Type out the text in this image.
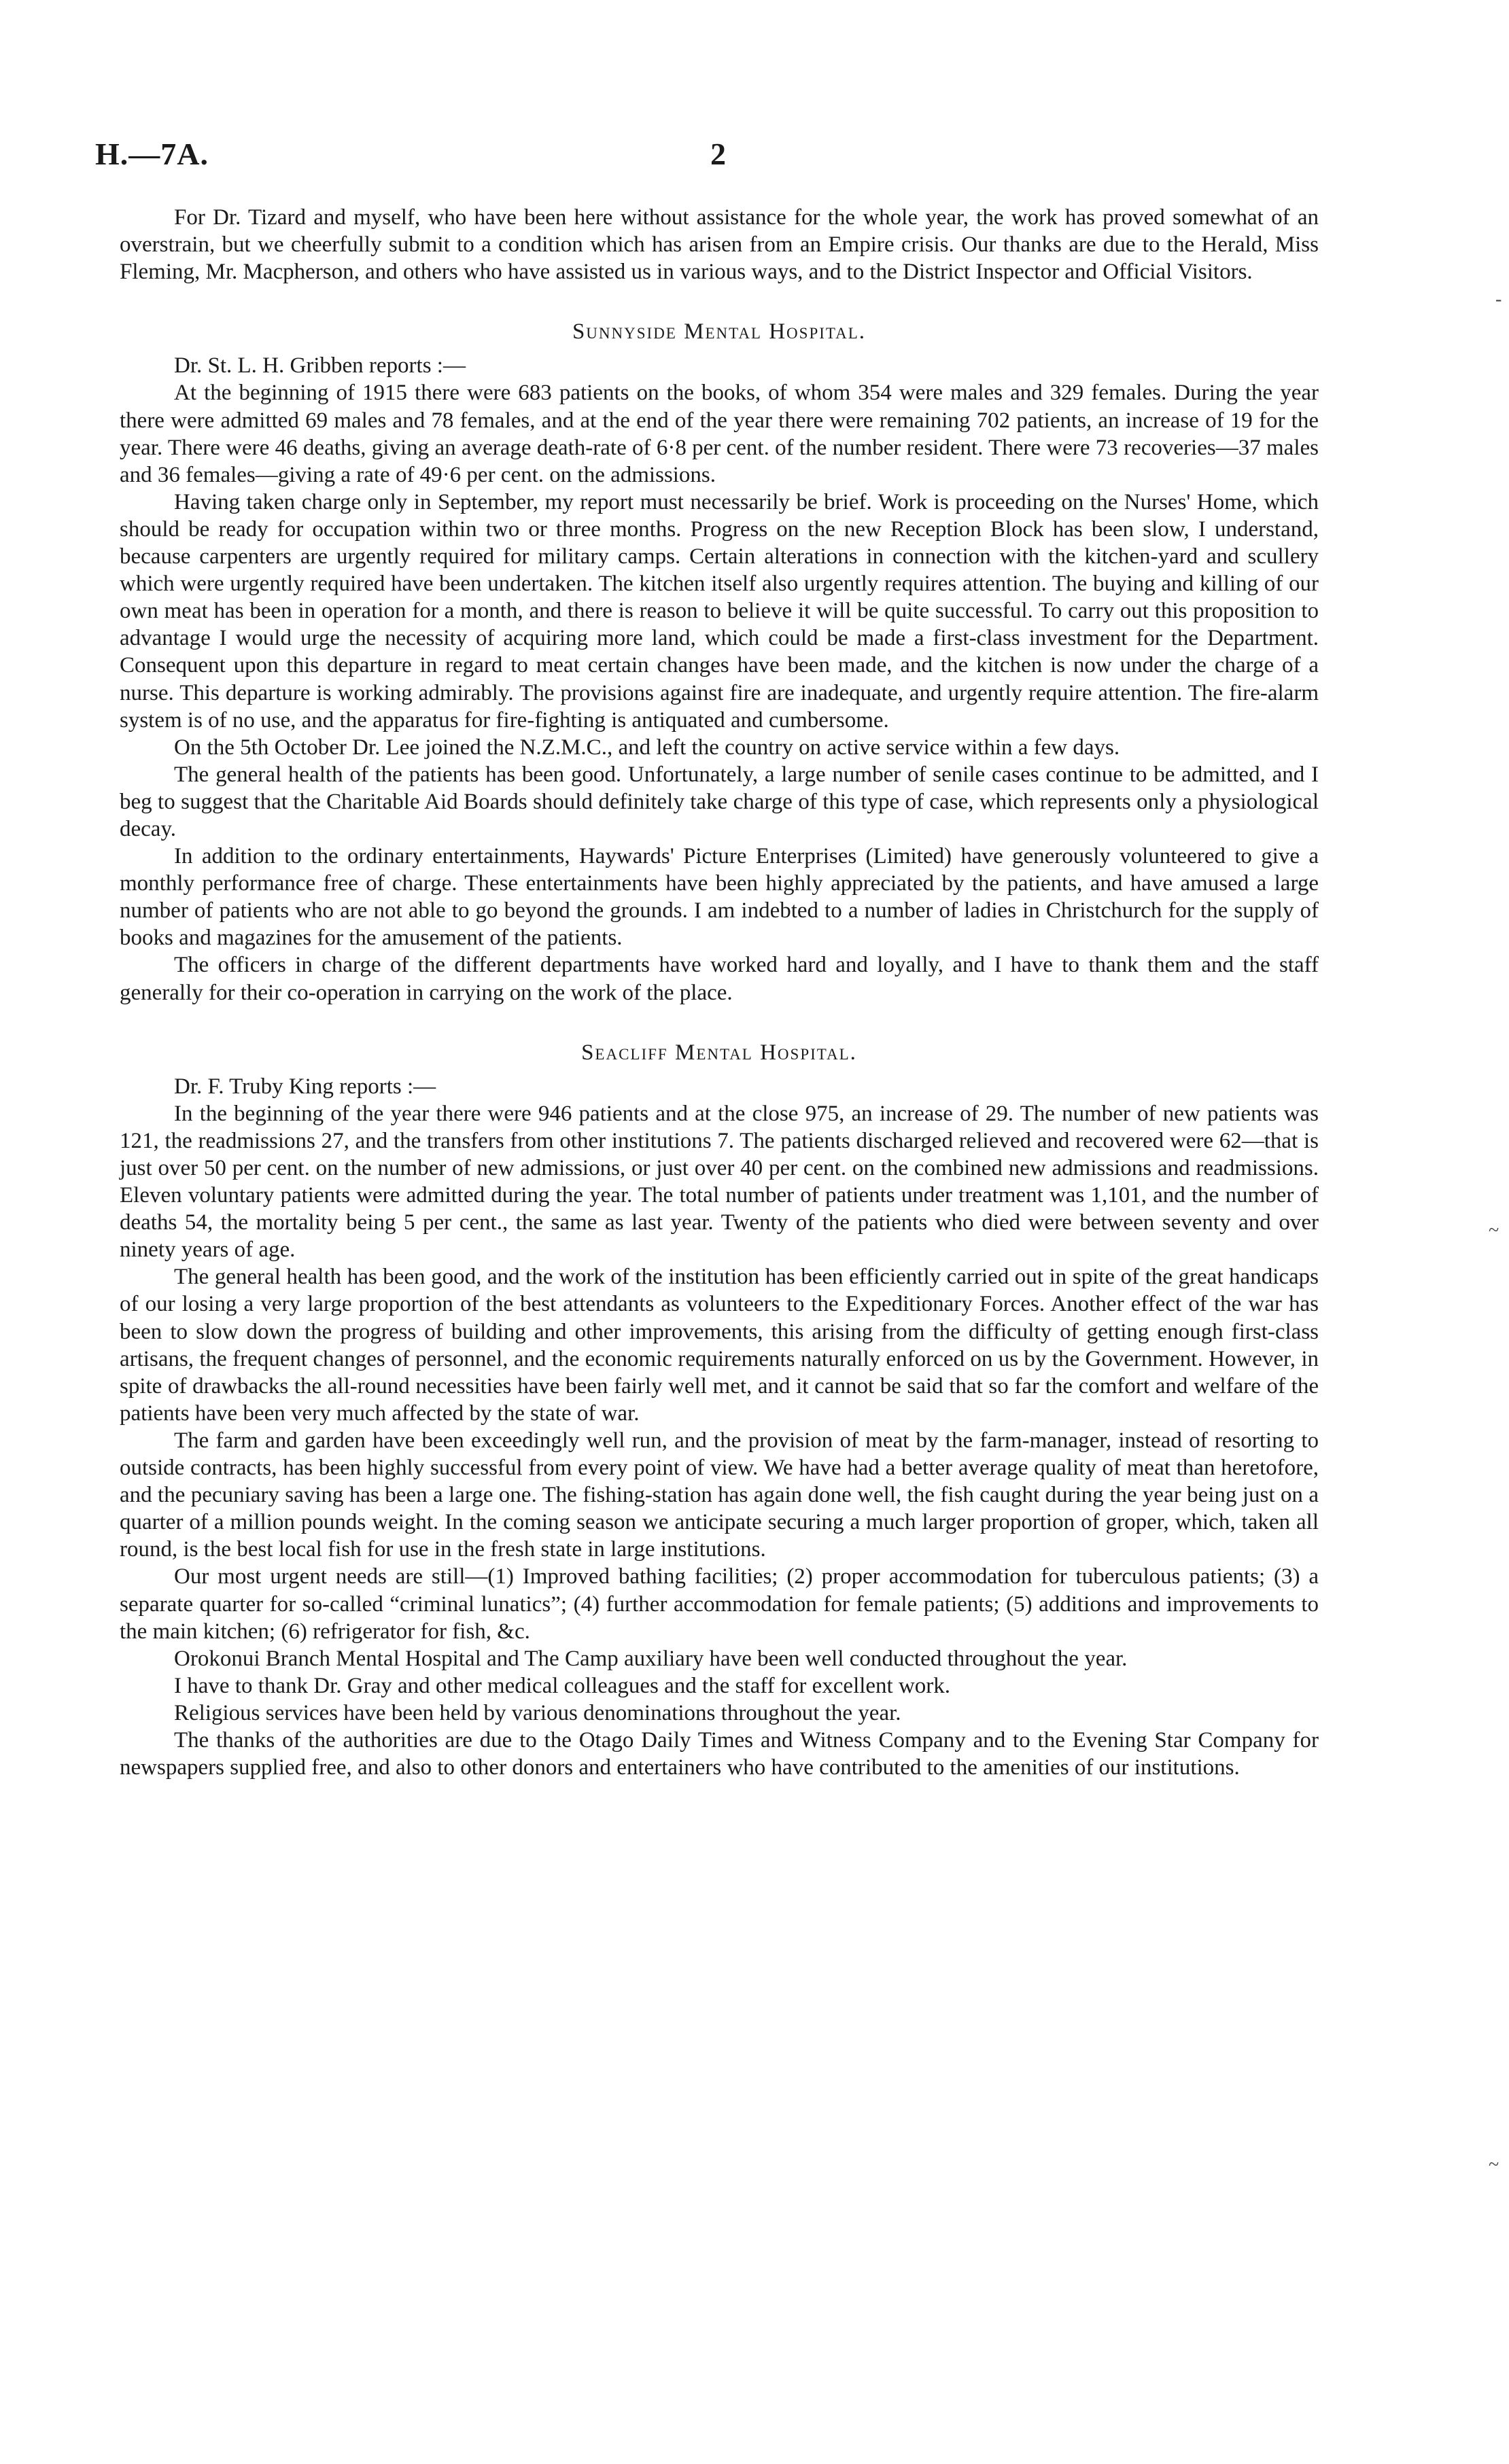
H.—7A.	2

For Dr. Tizard and myself, who have been here without assistance for the whole year, the work has proved somewhat of an overstrain, but we cheerfully submit to a condition which has arisen from an Empire crisis. Our thanks are due to the Herald, Miss Fleming, Mr. Macpherson, and others who have assisted us in various ways, and to the District Inspector and Official Visitors.

Sunnyside Mental Hospital.

Dr. St. L. H. Gribben reports :—

At the beginning of 1915 there were 683 patients on the books, of whom 354 were males and 329 females. During the year there were admitted 69 males and 78 females, and at the end of the year there were remaining 702 patients, an increase of 19 for the year. There were 46 deaths, giving an average death-rate of 6·8 per cent. of the number resident. There were 73 recoveries—37 males and 36 females—giving a rate of 49·6 per cent. on the admissions.

Having taken charge only in September, my report must necessarily be brief. Work is proceeding on the Nurses' Home, which should be ready for occupation within two or three months. Progress on the new Reception Block has been slow, I understand, because carpenters are urgently required for military camps. Certain alterations in connection with the kitchen-yard and scullery which were urgently required have been undertaken. The kitchen itself also urgently requires attention. The buying and killing of our own meat has been in operation for a month, and there is reason to believe it will be quite successful. To carry out this proposition to advantage I would urge the necessity of acquiring more land, which could be made a first-class investment for the Department. Consequent upon this departure in regard to meat certain changes have been made, and the kitchen is now under the charge of a nurse. This departure is working admirably. The provisions against fire are inadequate, and urgently require attention. The fire-alarm system is of no use, and the apparatus for fire-fighting is antiquated and cumbersome.

On the 5th October Dr. Lee joined the N.Z.M.C., and left the country on active service within a few days.

The general health of the patients has been good. Unfortunately, a large number of senile cases continue to be admitted, and I beg to suggest that the Charitable Aid Boards should definitely take charge of this type of case, which represents only a physiological decay.

In addition to the ordinary entertainments, Haywards' Picture Enterprises (Limited) have generously volunteered to give a monthly performance free of charge. These entertainments have been highly appreciated by the patients, and have amused a large number of patients who are not able to go beyond the grounds. I am indebted to a number of ladies in Christchurch for the supply of books and magazines for the amusement of the patients.

The officers in charge of the different departments have worked hard and loyally, and I have to thank them and the staff generally for their co-operation in carrying on the work of the place.

Seacliff Mental Hospital.

Dr. F. Truby King reports :—

In the beginning of the year there were 946 patients and at the close 975, an increase of 29. The number of new patients was 121, the readmissions 27, and the transfers from other institutions 7. The patients discharged relieved and recovered were 62—that is just over 50 per cent. on the number of new admissions, or just over 40 per cent. on the combined new admissions and readmissions. Eleven voluntary patients were admitted during the year. The total number of patients under treatment was 1,101, and the number of deaths 54, the mortality being 5 per cent., the same as last year. Twenty of the patients who died were between seventy and over ninety years of age.

The general health has been good, and the work of the institution has been efficiently carried out in spite of the great handicaps of our losing a very large proportion of the best attendants as volunteers to the Expeditionary Forces. Another effect of the war has been to slow down the progress of building and other improvements, this arising from the difficulty of getting enough first-class artisans, the frequent changes of personnel, and the economic requirements naturally enforced on us by the Government. However, in spite of drawbacks the all-round necessities have been fairly well met, and it cannot be said that so far the comfort and welfare of the patients have been very much affected by the state of war.

The farm and garden have been exceedingly well run, and the provision of meat by the farm-manager, instead of resorting to outside contracts, has been highly successful from every point of view. We have had a better average quality of meat than heretofore, and the pecuniary saving has been a large one. The fishing-station has again done well, the fish caught during the year being just on a quarter of a million pounds weight. In the coming season we anticipate securing a much larger proportion of groper, which, taken all round, is the best local fish for use in the fresh state in large institutions.

Our most urgent needs are still—(1) Improved bathing facilities; (2) proper accommodation for tuberculous patients; (3) a separate quarter for so-called “criminal lunatics”; (4) further accommodation for female patients; (5) additions and improvements to the main kitchen; (6) refrigerator for fish, &c.

Orokonui Branch Mental Hospital and The Camp auxiliary have been well conducted throughout the year.

I have to thank Dr. Gray and other medical colleagues and the staff for excellent work.

Religious services have been held by various denominations throughout the year.

The thanks of the authorities are due to the Otago Daily Times and Witness Company and to the Evening Star Company for newspapers supplied free, and also to other donors and entertainers who have contributed to the amenities of our institutions.

-
~
~
